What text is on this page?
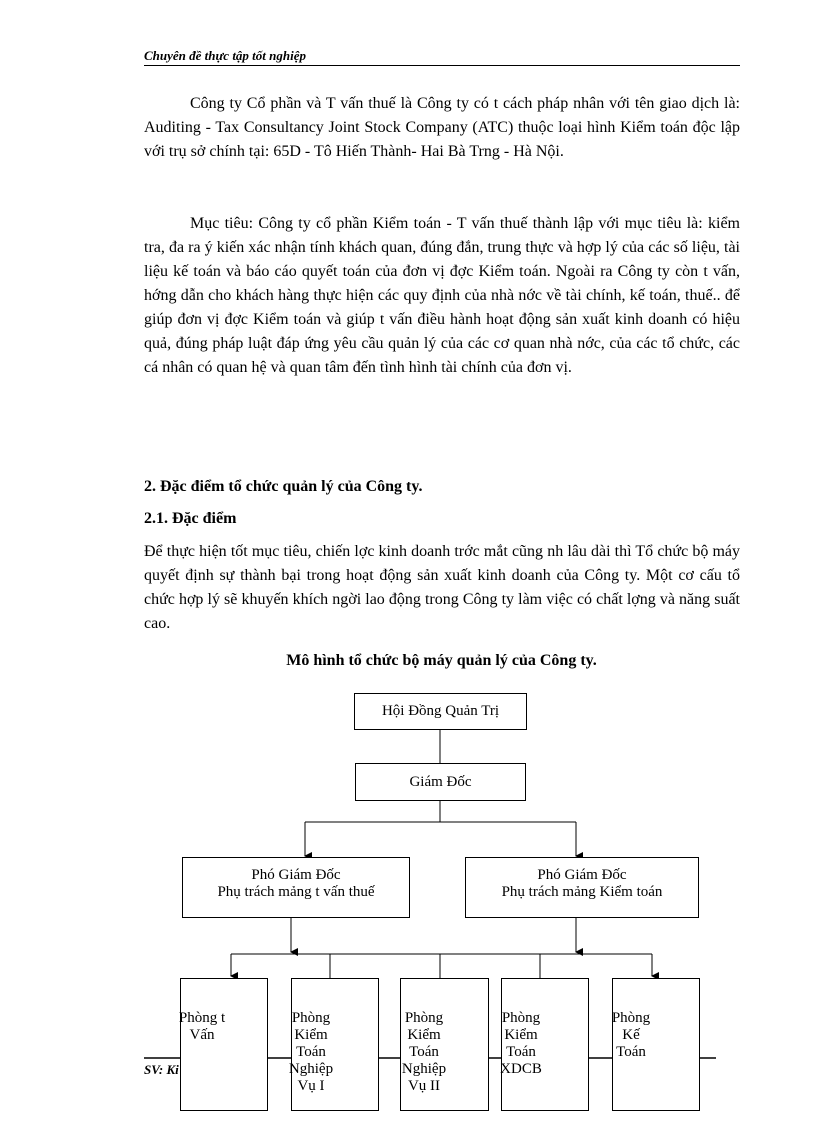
Chuyên đề thực tập tốt nghiệp

Công ty Cổ phần và T vấn thuế là Công ty có t cách pháp nhân với tên giao dịch là: Auditing - Tax Consultancy Joint Stock Company (ATC) thuộc loại hình Kiểm toán độc lập với trụ sở chính tại: 65D - Tô Hiến Thành- Hai Bà Trng - Hà Nội.

Mục tiêu: Công ty cổ phần Kiểm toán - T vấn thuế thành lập với mục tiêu là: kiểm tra, đa ra ý kiến xác nhận tính khách quan, đúng đắn, trung thực và hợp lý của các số liệu, tài liệu kế toán và báo cáo quyết toán của đơn vị đợc Kiểm toán. Ngoài ra Công ty còn t vấn, hớng dẫn cho khách hàng thực hiện các quy định của nhà nớc về tài chính, kế toán, thuế.. để giúp đơn vị đợc Kiểm toán và giúp t vấn điều hành hoạt động sản xuất kinh doanh có hiệu quả, đúng pháp luật đáp ứng yêu cầu quản lý của các cơ quan nhà nớc, của các tổ chức, các cá nhân có quan hệ và quan tâm đến tình hình tài chính của đơn vị.

2. Đặc điểm tổ chức quản lý của Công ty.
2.1. Đặc điểm

Để thực hiện tốt mục tiêu, chiến lợc kinh doanh trớc mắt cũng nh lâu dài thì Tổ chức bộ máy quyết định sự thành bại trong hoạt động sản xuất kinh doanh của Công ty. Một cơ cấu tổ chức hợp lý sẽ khuyến khích ngời lao động trong Công ty làm việc có chất lợng và năng suất cao.

Mô hình tổ chức bộ máy quản lý của Công ty.
Hội Đồng Quản Trị
Giám Đốc
Phó Giám Đốc
Phụ trách mảng t vấn thuế
Phó Giám Đốc
Phụ trách mảng Kiểm toán
SV: Ki
Phòng t
Vấn
Phòng
Kiểm
Toán
Nghiệp
Vụ I
Phòng
Kiểm
Toán
Nghiệp
Vụ II
Phòng
Kiểm
Toán
XDCB
Phòng
Kế
Toán
